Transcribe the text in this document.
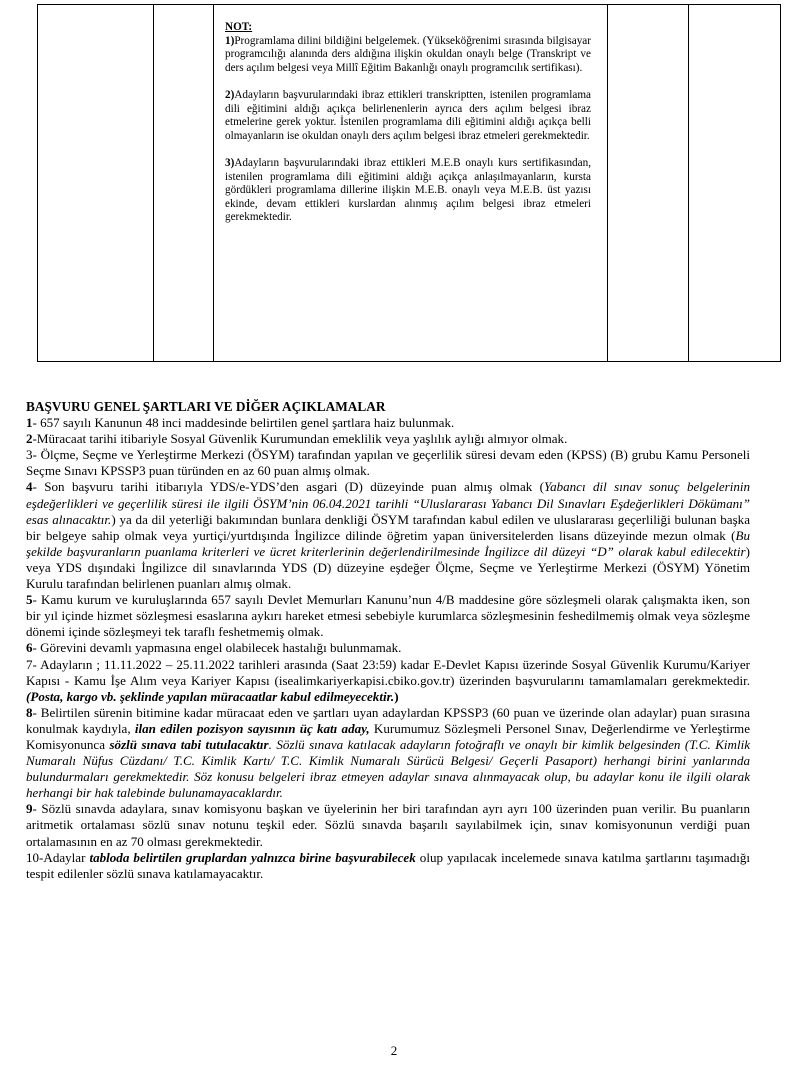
NOT:

1)Programlama dilini bildiğini belgelemek. (Yükseköğrenimi sırasında bilgisayar programcılığı alanında ders aldığına ilişkin okuldan onaylı belge (Transkript ve ders açılım belgesi veya Millî Eğitim Bakanlığı onaylı programcılık sertifikası).

2)Adayların başvurularındaki ibraz ettikleri transkriptten, istenilen programlama dili eğitimini aldığı açıkça belirlenenlerin ayrıca ders açılım belgesi ibraz etmelerine gerek yoktur. İstenilen programlama dili eğitimini aldığı açıkça belli olmayanların ise okuldan onaylı ders açılım belgesi ibraz etmeleri gerekmektedir.

3)Adayların başvurularındaki ibraz ettikleri M.E.B onaylı kurs sertifikasından, istenilen programlama dili eğitimini aldığı açıkça anlaşılmayanların, kursta gördükleri programlama dillerine ilişkin M.E.B. onaylı veya M.E.B. üst yazısı ekinde, devam ettikleri kurslardan alınmış açılım belgesi ibraz etmeleri gerekmektedir.

BAŞVURU GENEL ŞARTLARI VE DİĞER AÇIKLAMALAR

1- 657 sayılı Kanunun 48 inci maddesinde belirtilen genel şartlara haiz bulunmak.

2-Müracaat tarihi itibariyle Sosyal Güvenlik Kurumundan emeklilik veya yaşlılık aylığı almıyor olmak.

3- Ölçme, Seçme ve Yerleştirme Merkezi (ÖSYM) tarafından yapılan ve geçerlilik süresi devam eden (KPSS) (B) grubu Kamu Personeli Seçme Sınavı KPSSP3 puan türünden en az 60 puan almış olmak.

4- Son başvuru tarihi itibarıyla YDS/e-YDS’den asgari (D) düzeyinde puan almış olmak (Yabancı dil sınav sonuç belgelerinin eşdeğerlikleri ve geçerlilik süresi ile ilgili ÖSYM’nin 06.04.2021 tarihli “Uluslararası Yabancı Dil Sınavları Eşdeğerlikleri Dökümanı” esas alınacaktır.) ya da dil yeterliği bakımından bunlara denkliği ÖSYM tarafından kabul edilen ve uluslararası geçerliliği bulunan başka bir belgeye sahip olmak veya yurtiçi/yurtdışında İngilizce dilinde öğretim yapan üniversitelerden lisans düzeyinde mezun olmak (Bu şekilde başvuranların puanlama kriterleri ve ücret kriterlerinin değerlendirilmesinde İngilizce dil düzeyi “D” olarak kabul edilecektir) veya YDS dışındaki İngilizce dil sınavlarında YDS (D) düzeyine eşdeğer Ölçme, Seçme ve Yerleştirme Merkezi (ÖSYM) Yönetim Kurulu tarafından belirlenen puanları almış olmak.

5- Kamu kurum ve kuruluşlarında 657 sayılı Devlet Memurları Kanunu’nun 4/B maddesine göre sözleşmeli olarak çalışmakta iken, son bir yıl içinde hizmet sözleşmesi esaslarına aykırı hareket etmesi sebebiyle kurumlarca sözleşmesinin feshedilmemiş olmak veya sözleşme dönemi içinde sözleşmeyi tek taraflı feshetmemiş olmak.

6- Görevini devamlı yapmasına engel olabilecek hastalığı bulunmamak.

7- Adayların ; 11.11.2022 – 25.11.2022 tarihleri arasında (Saat 23:59) kadar E-Devlet Kapısı üzerinde Sosyal Güvenlik Kurumu/Kariyer Kapısı - Kamu İşe Alım veya Kariyer Kapısı (isealimkariyerkapisi.cbiko.gov.tr) üzerinden başvurularını tamamlamaları gerekmektedir. (Posta, kargo vb. şeklinde yapılan müracaatlar kabul edilmeyecektir.)

8- Belirtilen sürenin bitimine kadar müracaat eden ve şartları uyan adaylardan KPSSP3 (60 puan ve üzerinde olan adaylar) puan sırasına konulmak kaydıyla, ilan edilen pozisyon sayısının üç katı aday, Kurumumuz Sözleşmeli Personel Sınav, Değerlendirme ve Yerleştirme Komisyonunca sözlü sınava tabi tutulacaktır. Sözlü sınava katılacak adayların fotoğraflı ve onaylı bir kimlik belgesinden (T.C. Kimlik Numaralı Nüfus Cüzdanı/ T.C. Kimlik Kartı/ T.C. Kimlik Numaralı Sürücü Belgesi/ Geçerli Pasaport) herhangi birini yanlarında bulundurmaları gerekmektedir. Söz konusu belgeleri ibraz etmeyen adaylar sınava alınmayacak olup, bu adaylar konu ile ilgili olarak herhangi bir hak talebinde bulunamayacaklardır.

9- Sözlü sınavda adaylara, sınav komisyonu başkan ve üyelerinin her biri tarafından ayrı ayrı 100 üzerinden puan verilir. Bu puanların aritmetik ortalaması sözlü sınav notunu teşkil eder. Sözlü sınavda başarılı sayılabilmek için, sınav komisyonunun verdiği puan ortalamasının en az 70 olması gerekmektedir.

10-Adaylar tabloda belirtilen gruplardan yalnızca birine başvurabilecek olup yapılacak incelemede sınava katılma şartlarını taşımadığı tespit edilenler sözlü sınava katılamayacaktır.

2
